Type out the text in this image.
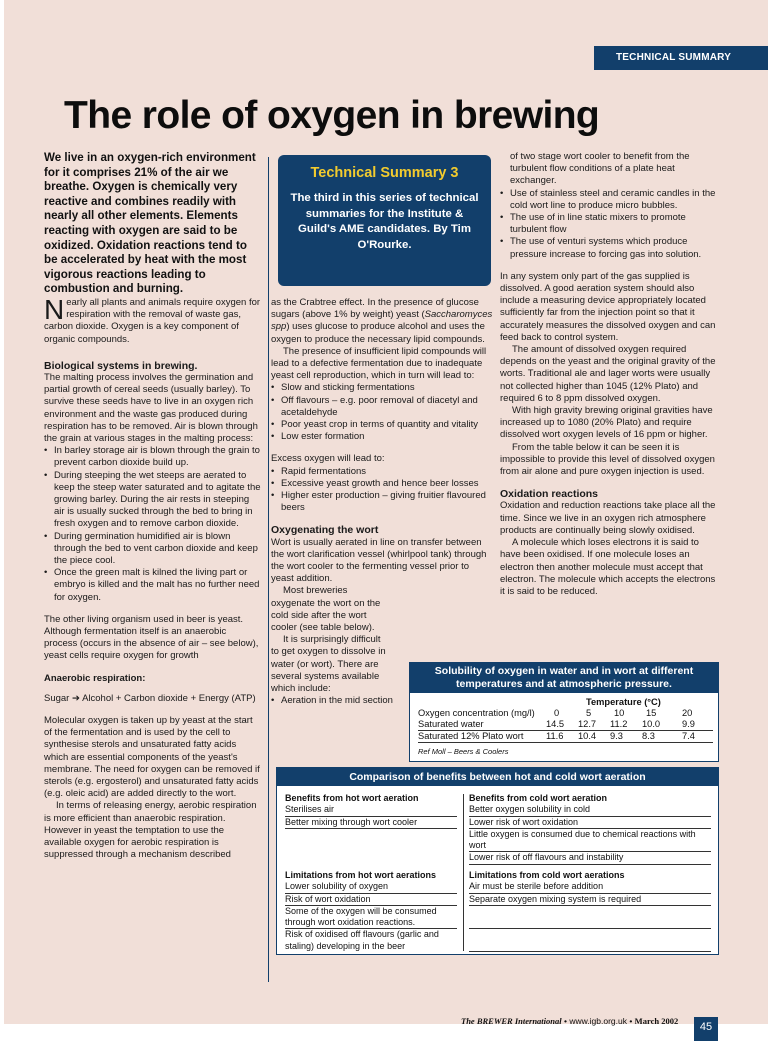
TECHNICAL SUMMARY
The role of oxygen in brewing

We live in an oxygen-rich environment for it comprises 21% of the air we breathe. Oxygen is chemically very reactive and combines readily with nearly all other elements. Elements reacting with oxygen are said to be oxidized. Oxidation reactions tend to be accelerated by heat with the most vigorous reactions leading to combustion and burning.

Nearly all plants and animals require oxygen for respiration with the removal of waste gas, carbon dioxide. Oxygen is a key component of organic compounds.

Biological systems in brewing.

The malting process involves the germination and partial growth of cereal seeds (usually barley). To survive these seeds have to live in an oxygen rich environment and the waste gas produced during respiration has to be removed. Air is blown through the grain at various stages in the malting process:

• In barley storage air is blown through the grain to prevent carbon dioxide build up.
• During steeping the wet steeps are aerated to keep the steep water saturated and to agitate the growing barley. During the air rests in steeping air is usually sucked through the bed to bring in fresh oxygen and to remove carbon dioxide.
• During germination humidified air is blown through the bed to vent carbon dioxide and keep the piece cool.
• Once the green malt is kilned the living part or embryo is killed and the malt has no further need for oxygen.

The other living organism used in beer is yeast. Although fermentation itself is an anaerobic process (occurs in the absence of air – see below), yeast cells require oxygen for growth

Anaerobic respiration:

Sugar ➔ Alcohol + Carbon dioxide + Energy (ATP)

Molecular oxygen is taken up by yeast at the start of the fermentation and is used by the cell to synthesise sterols and unsaturated fatty acids which are essential components of the yeast's membrane. The need for oxygen can be removed if sterols (e.g. ergosterol) and unsaturated fatty acids (e.g. oleic acid) are added directly to the wort.

In terms of releasing energy, aerobic respiration is more efficient than anaerobic respiration. However in yeast the temptation to use the available oxygen for aerobic respiration is suppressed through a mechanism described

Technical Summary 3
The third in this series of technical summaries for the Institute & Guild's AME candidates. By Tim O'Rourke.

as the Crabtree effect. In the presence of glucose sugars (above 1% by weight) yeast (Saccharomyces spp) uses glucose to produce alcohol and uses the oxygen to produce the necessary lipid compounds.

The presence of insufficient lipid compounds will lead to a defective fermentation due to inadequate yeast cell reproduction, which in turn will lead to:

• Slow and sticking fermentations
• Off flavours – e.g. poor removal of diacetyl and acetaldehyde
• Poor yeast crop in terms of quantity and vitality
• Low ester formation

Excess oxygen will lead to:

• Rapid fermentations
• Excessive yeast growth and hence beer losses
• Higher ester production – giving fruitier flavoured beers

Oxygenating the wort

Wort is usually aerated in line on transfer between the wort clarification vessel (whirlpool tank) through the wort cooler to the fermenting vessel prior to yeast addition.

Most breweries
oxygenate the wort on the
cold side after the wort
cooler (see table below).

It is surprisingly difficult
to get oxygen to dissolve in
water (or wort). There are
several systems available
which include:

• Aeration in the mid section
of two stage wort cooler to benefit from the turbulent flow conditions of a plate heat exchanger.
• Use of stainless steel and ceramic candles in the cold wort line to produce micro bubbles.
• The use of in line static mixers to promote turbulent flow
• The use of venturi systems which produce pressure increase to forcing gas into solution.

In any system only part of the gas supplied is dissolved. A good aeration system should also include a measuring device appropriately located sufficiently far from the injection point so that it accurately measures the dissolved oxygen and can feed back to control system.

The amount of dissolved oxygen required depends on the yeast and the original gravity of the worts. Traditional ale and lager worts were usually not collected higher than 1045 (12% Plato) and required 6 to 8 ppm dissolved oxygen.

With high gravity brewing original gravities have increased up to 1080 (20% Plato) and require dissolved wort oxygen levels of 16 ppm or higher.

From the table below it can be seen it is impossible to provide this level of dissolved oxygen from air alone and pure oxygen injection is used.

Oxidation reactions

Oxidation and reduction reactions take place all the time. Since we live in an oxygen rich atmosphere products are continually being slowly oxidised.

A molecule which loses electrons it is said to have been oxidised. If one molecule loses an electron then another molecule must accept that electron. The molecule which accepts the electrons it is said to be reduced.

Solubility of oxygen in water and in wort at different temperatures and at atmospheric pressure.
Temperature (°C)
Oxygen concentration (mg/l) 0	5 10 15	20
Saturated water	14.5 12.7 11.2 10.0 9.9
Saturated 12% Plato wort 11.6 10.4 9.3 8.3	7.4
Ref Moll – Beers & Coolers
Comparison of benefits between hot and cold wort aeration
Benefits from hot wort aeration
Sterilises air
Better mixing through wort cooler
Benefits from cold wort aeration
Better oxygen solubility in cold
Lower risk of wort oxidation
Little oxygen is consumed due to chemical reactions with wort
Lower risk of off flavours and instability
Limitations from hot wort aerations
Lower solubility of oxygen
Risk of wort oxidation
Some of the oxygen will be consumed through wort oxidation reactions.
Risk of oxidised off flavours (garlic and staling) developing in the beer
Limitations from cold wort aerations
Air must be sterile before addition
Separate oxygen mixing system is required
The BREWER International • www.igb.org.uk • March 2002	45
